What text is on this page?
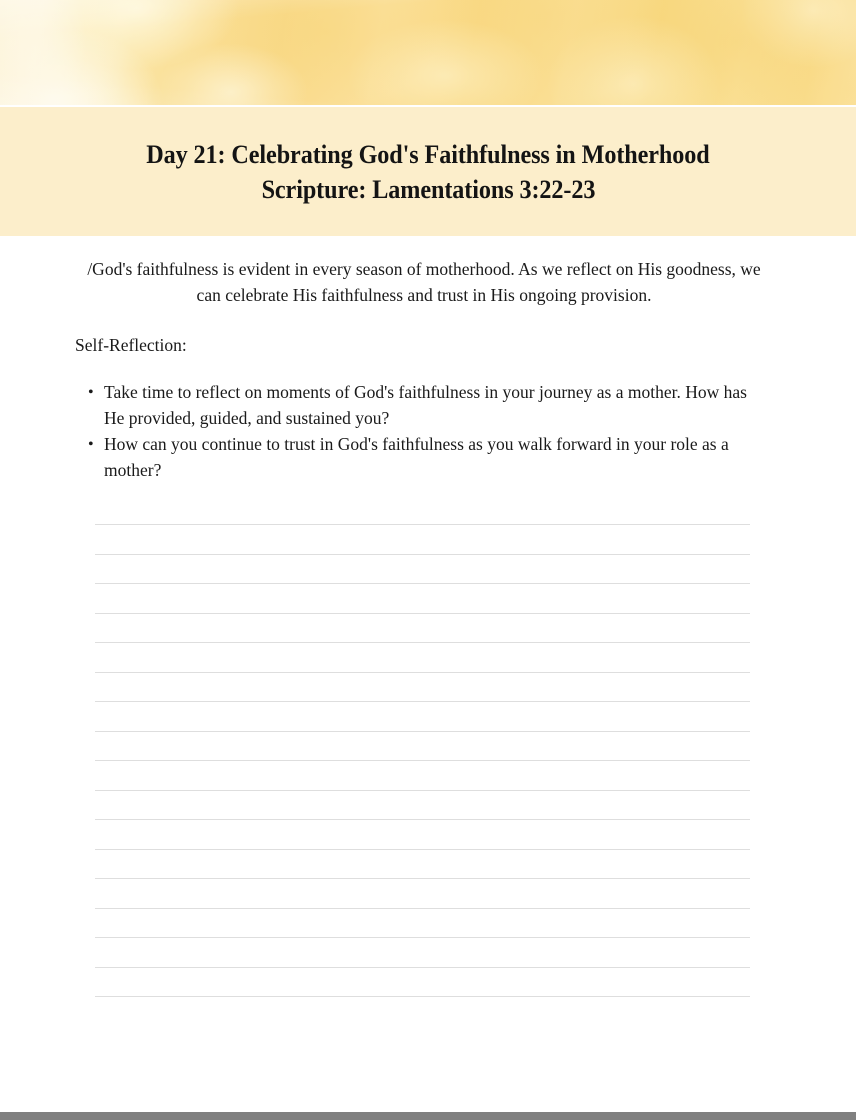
Day 21: Celebrating God's Faithfulness in Motherhood
Scripture: Lamentations 3:22-23

/God's faithfulness is evident in every season of motherhood. As we reflect on His goodness, we can celebrate His faithfulness and trust in His ongoing provision.

Self-Reflection:
• Take time to reflect on moments of God's faithfulness in your journey as a mother. How has He provided, guided, and sustained you?
• How can you continue to trust in God's faithfulness as you walk forward in your role as a mother?
